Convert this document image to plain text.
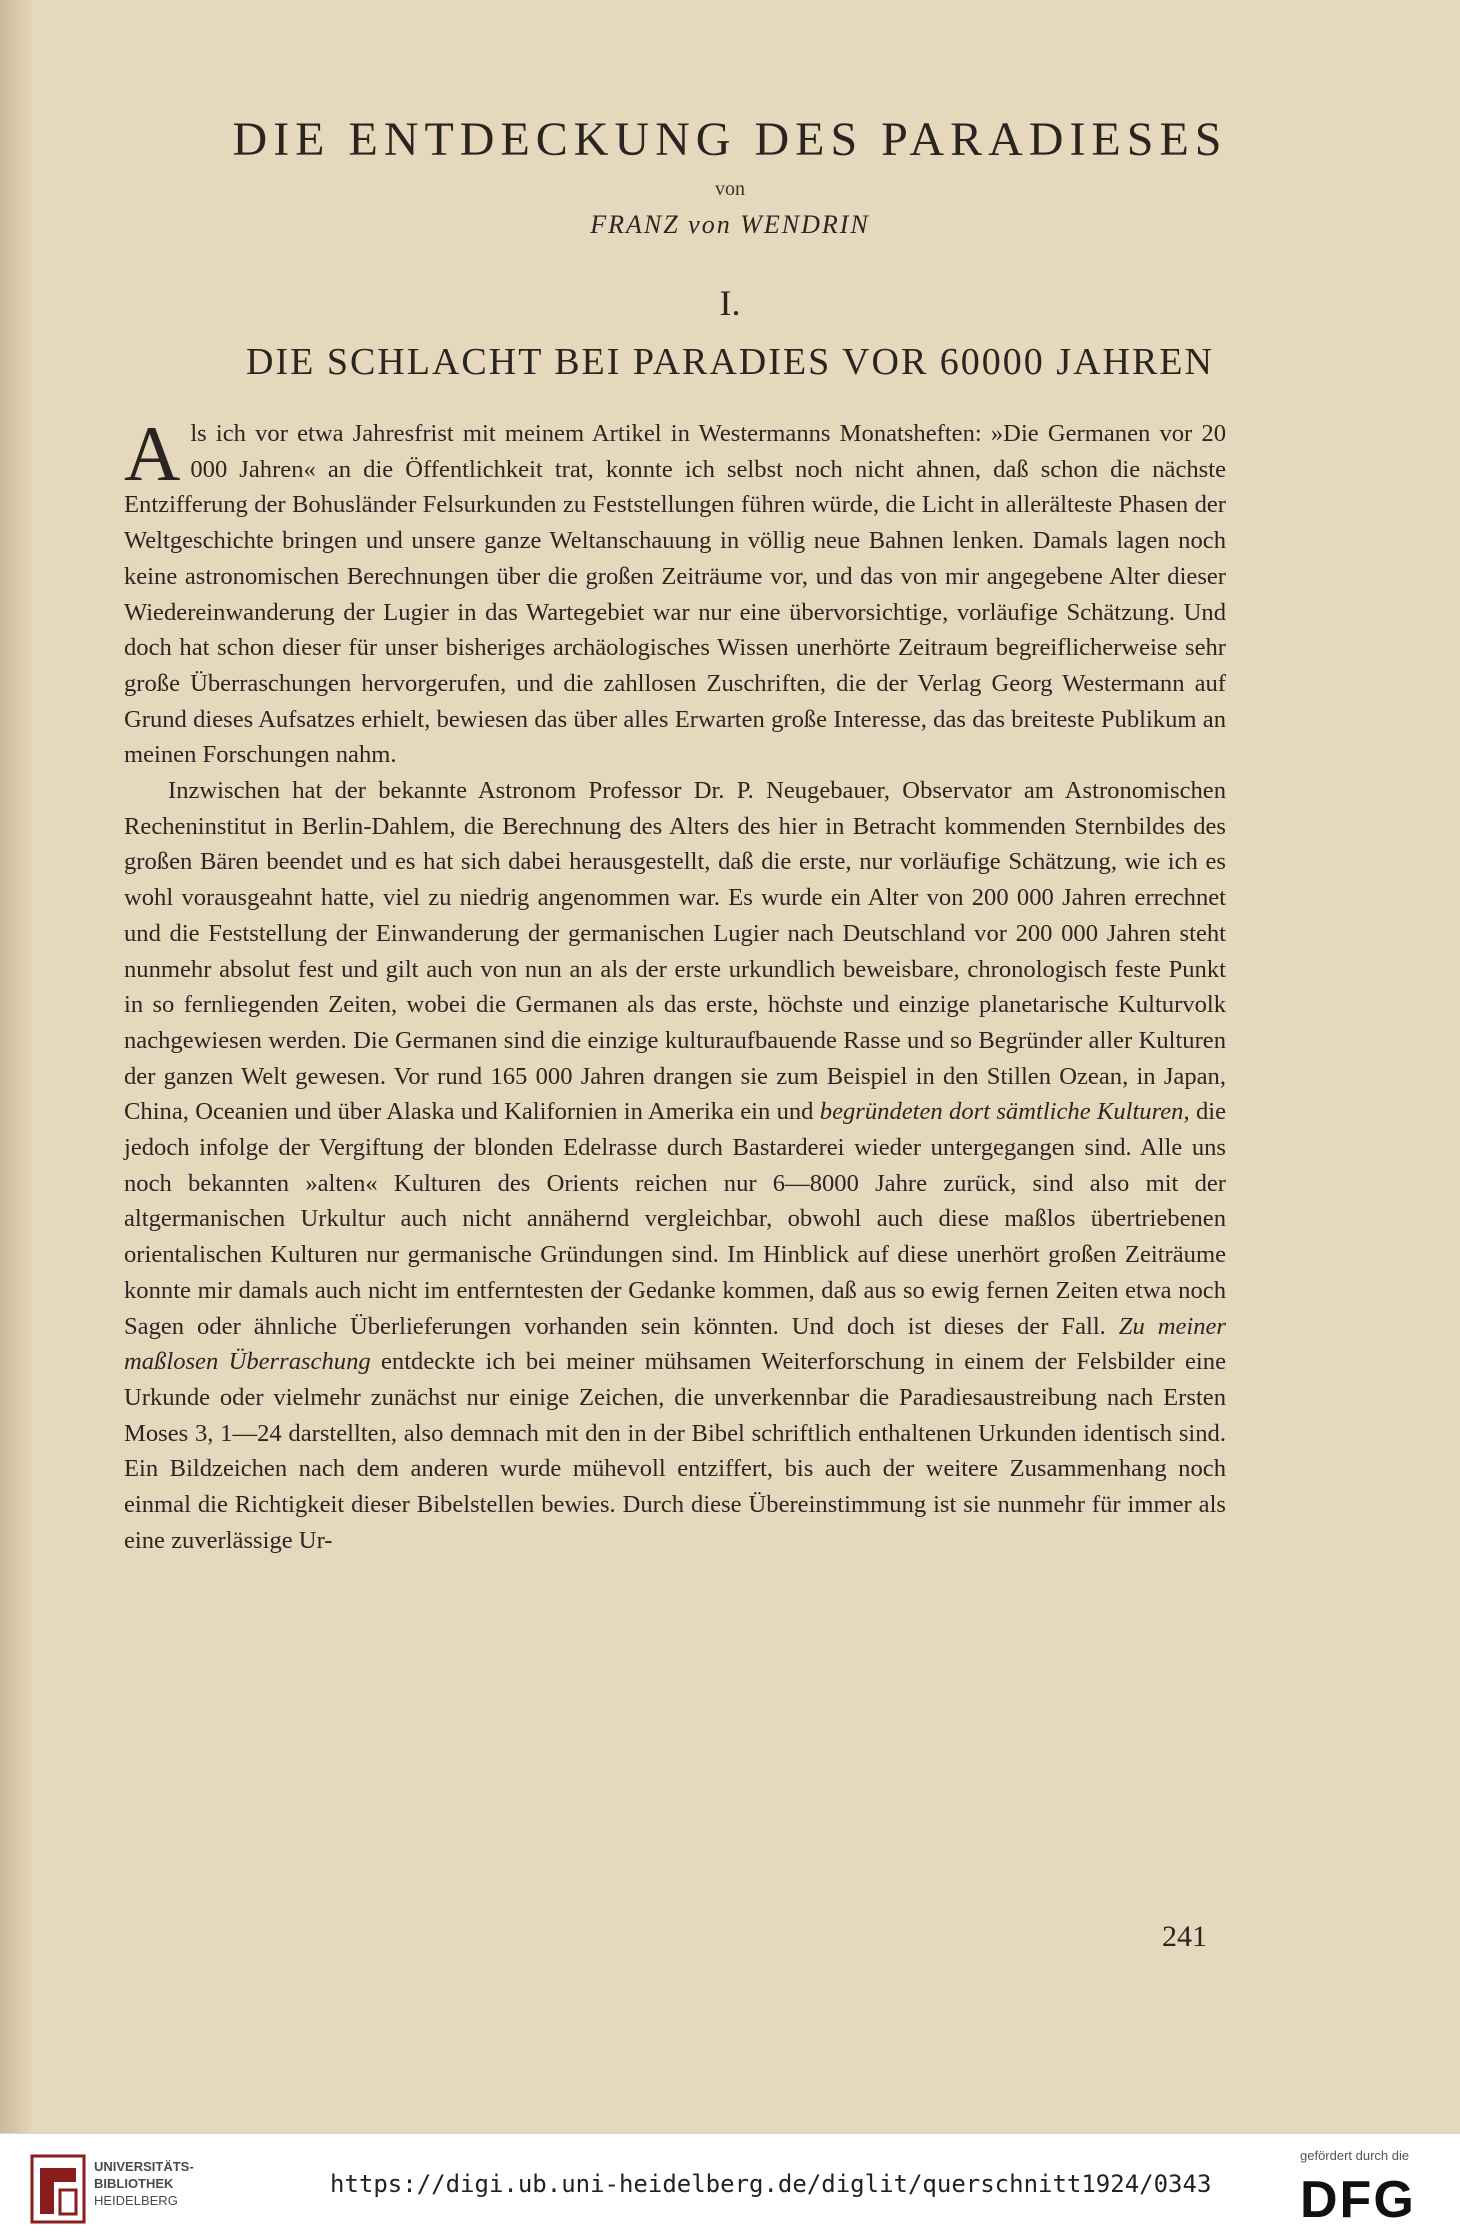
DIE ENTDECKUNG DES PARADIESES
von
FRANZ von WENDRIN
I.
DIE SCHLACHT BEI PARADIES VOR 60000 JAHREN

Als ich vor etwa Jahresfrist mit meinem Artikel in Westermanns Monatsheften: »Die Germanen vor 20 000 Jahren« an die Öffentlichkeit trat, konnte ich selbst noch nicht ahnen, daß schon die nächste Entzifferung der Bohusländer Felsurkunden zu Feststellungen führen würde, die Licht in allerälteste Phasen der Weltgeschichte bringen und unsere ganze Weltanschauung in völlig neue Bahnen lenken. Damals lagen noch keine astronomischen Berechnungen über die großen Zeiträume vor, und das von mir angegebene Alter dieser Wiedereinwanderung der Lugier in das Wartegebiet war nur eine übervorsichtige, vorläufige Schätzung. Und doch hat schon dieser für unser bisheriges archäologisches Wissen unerhörte Zeitraum begreiflicherweise sehr große Überraschungen hervorgerufen, und die zahllosen Zuschriften, die der Verlag Georg Westermann auf Grund dieses Aufsatzes erhielt, bewiesen das über alles Erwarten große Interesse, das das breiteste Publikum an meinen Forschungen nahm.

Inzwischen hat der bekannte Astronom Professor Dr. P. Neugebauer, Observator am Astronomischen Recheninstitut in Berlin-Dahlem, die Berechnung des Alters des hier in Betracht kommenden Sternbildes des großen Bären beendet und es hat sich dabei herausgestellt, daß die erste, nur vorläufige Schätzung, wie ich es wohl vorausgeahnt hatte, viel zu niedrig angenommen war. Es wurde ein Alter von 200 000 Jahren errechnet und die Feststellung der Einwanderung der germanischen Lugier nach Deutschland vor 200 000 Jahren steht nunmehr absolut fest und gilt auch von nun an als der erste urkundlich beweisbare, chronologisch feste Punkt in so fernliegenden Zeiten, wobei die Germanen als das erste, höchste und einzige planetarische Kulturvolk nachgewiesen werden. Die Germanen sind die einzige kulturaufbauende Rasse und so Begründer aller Kulturen der ganzen Welt gewesen. Vor rund 165 000 Jahren drangen sie zum Beispiel in den Stillen Ozean, in Japan, China, Oceanien und über Alaska und Kalifornien in Amerika ein und begründeten dort sämtliche Kulturen, die jedoch infolge der Vergiftung der blonden Edelrasse durch Bastarderei wieder untergegangen sind. Alle uns noch bekannten »alten« Kulturen des Orients reichen nur 6—8000 Jahre zurück, sind also mit der altgermanischen Urkultur auch nicht annähernd vergleichbar, obwohl auch diese maßlos übertriebenen orientalischen Kulturen nur germanische Gründungen sind. Im Hinblick auf diese unerhört großen Zeiträume konnte mir damals auch nicht im entferntesten der Gedanke kommen, daß aus so ewig fernen Zeiten etwa noch Sagen oder ähnliche Überlieferungen vorhanden sein könnten. Und doch ist dieses der Fall. Zu meiner maßlosen Überraschung entdeckte ich bei meiner mühsamen Weiterforschung in einem der Felsbilder eine Urkunde oder vielmehr zunächst nur einige Zeichen, die unverkennbar die Paradiesaustreibung nach Ersten Moses 3, 1—24 darstellten, also demnach mit den in der Bibel schriftlich enthaltenen Urkunden identisch sind. Ein Bildzeichen nach dem anderen wurde mühevoll entziffert, bis auch der weitere Zusammenhang noch einmal die Richtigkeit dieser Bibelstellen bewies. Durch diese Übereinstimmung ist sie nunmehr für immer als eine zuverlässige Ur-

241
UNIVERSITÄTS-
BIBLIOTHEK
HEIDELBERG
https://digi.ub.uni-heidelberg.de/diglit/querschnitt1924/0343
gefördert durch die
DFG
